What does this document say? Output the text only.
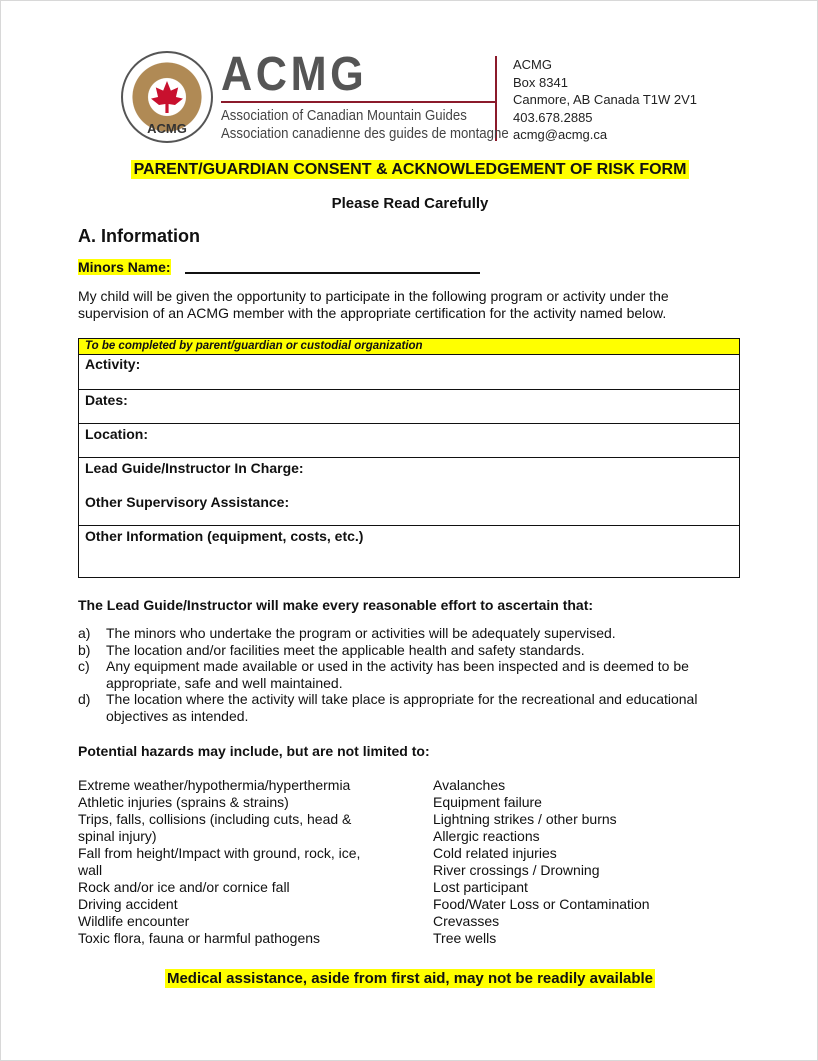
ACMG
ACMG
Association of Canadian Mountain Guides
Association canadienne des guides de montagne
ACMG
Box 8341
Canmore, AB Canada T1W 2V1
403.678.2885
acmg@acmg.ca
PARENT/GUARDIAN CONSENT & ACKNOWLEDGEMENT OF RISK FORM
Please Read Carefully
A. Information
Minors Name:
My child will be given the opportunity to participate in the following program or activity under the supervision of an ACMG member with the appropriate certification for the activity named below.
To be completed by parent/guardian or custodial organization
Activity:
Dates:
Location:

Lead Guide/Instructor In Charge:
Other Supervisory Assistance:

Other Information (equipment, costs, etc.)
The Lead Guide/Instructor will make every reasonable effort to ascertain that:
a)	The minors who undertake the program or activities will be adequately supervised.
b)	The location and/or facilities meet the applicable health and safety standards.
c)	Any equipment made available or used in the activity has been inspected and is deemed to be appropriate, safe and well maintained.
d)	The location where the activity will take place is appropriate for the recreational and educational objectives as intended.
Potential hazards may include, but are not limited to:
Extreme weather/hypothermia/hyperthermia
Athletic injuries (sprains & strains)
Trips, falls, collisions (including cuts, head & spinal injury)
Fall from height/Impact with ground, rock, ice, wall
Rock and/or ice and/or cornice fall
Driving accident
Wildlife encounter
Toxic flora, fauna or harmful pathogens
Avalanches
Equipment failure
Lightning strikes / other burns
Allergic reactions
Cold related injuries
River crossings / Drowning
Lost participant
Food/Water Loss or Contamination
Crevasses
Tree wells
Medical assistance, aside from first aid, may not be readily available
